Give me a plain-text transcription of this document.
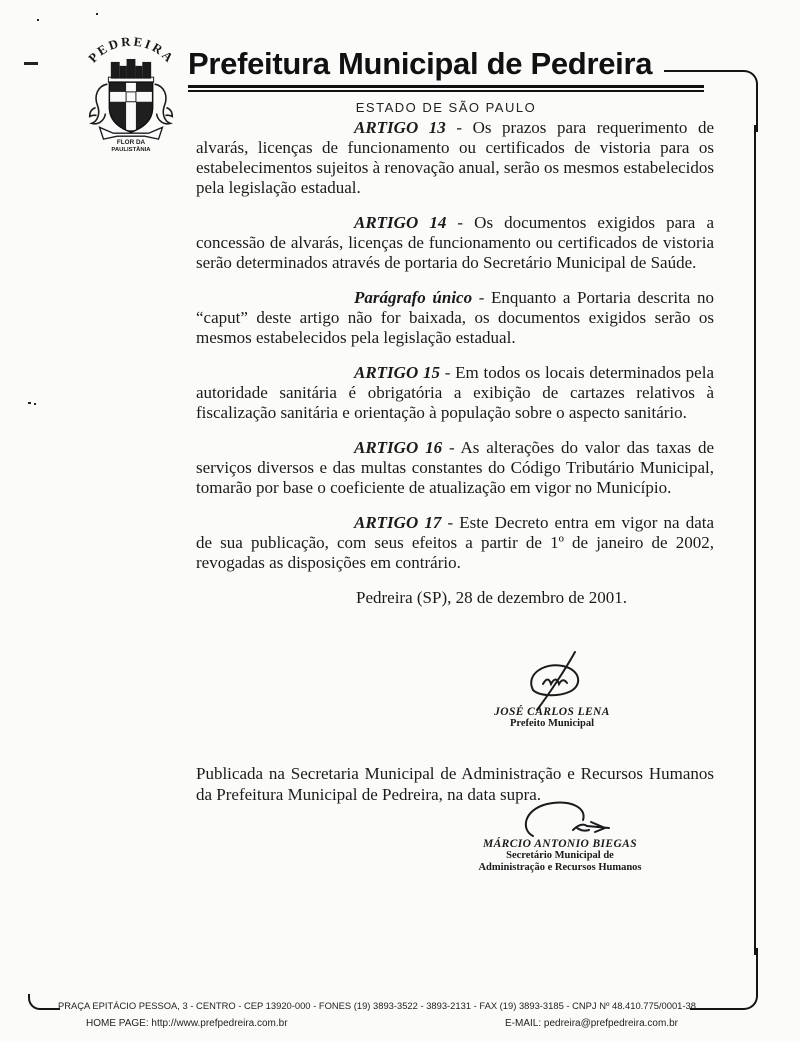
PEDREIRA
FLOR DA
PAULISTÂNIA
Prefeitura Municipal de Pedreira
ESTADO DE SÃO PAULO

ARTIGO 13 - Os prazos para requerimento de alvarás, licenças de funcionamento ou certificados de vistoria para os estabelecimentos sujeitos à renovação anual, serão os mesmos estabelecidos pela legislação estadual.

ARTIGO 14 - Os documentos exigidos para a concessão de alvarás, licenças de funcionamento ou certificados de vistoria serão determinados através de portaria do Secretário Municipal de Saúde.

Parágrafo único - Enquanto a Portaria descrita no “caput” deste artigo não for baixada, os documentos exigidos serão os mesmos estabelecidos pela legislação estadual.

ARTIGO 15 - Em todos os locais determinados pela autoridade sanitária é obrigatória a exibição de cartazes relativos à fiscalização sanitária e orientação à população sobre o aspecto sanitário.

ARTIGO 16 - As alterações do valor das taxas de serviços diversos e das multas constantes do Código Tributário Municipal, tomarão por base o coeficiente de atualização em vigor no Município.

ARTIGO 17 - Este Decreto entra em vigor na data de sua publicação, com seus efeitos a partir de 1º de janeiro de 2002, revogadas as disposições em contrário.

Pedreira (SP), 28 de dezembro de 2001.
JOSÉ CARLOS LENA
Prefeito Municipal
Publicada na Secretaria Municipal de Administração e Recursos Humanos da Prefeitura Municipal de Pedreira, na data supra.
MÁRCIO ANTONIO BIEGAS
Secretário Municipal de
Administração e Recursos Humanos
PRAÇA EPITÁCIO PESSOA, 3 - CENTRO - CEP 13920-000 - FONES (19) 3893-3522 - 3893-2131 - FAX (19) 3893-3185 - CNPJ Nº 48.410.775/0001-38
HOME PAGE: http://www.prefpedreira.com.br	E-MAIL: pedreira@prefpedreira.com.br
